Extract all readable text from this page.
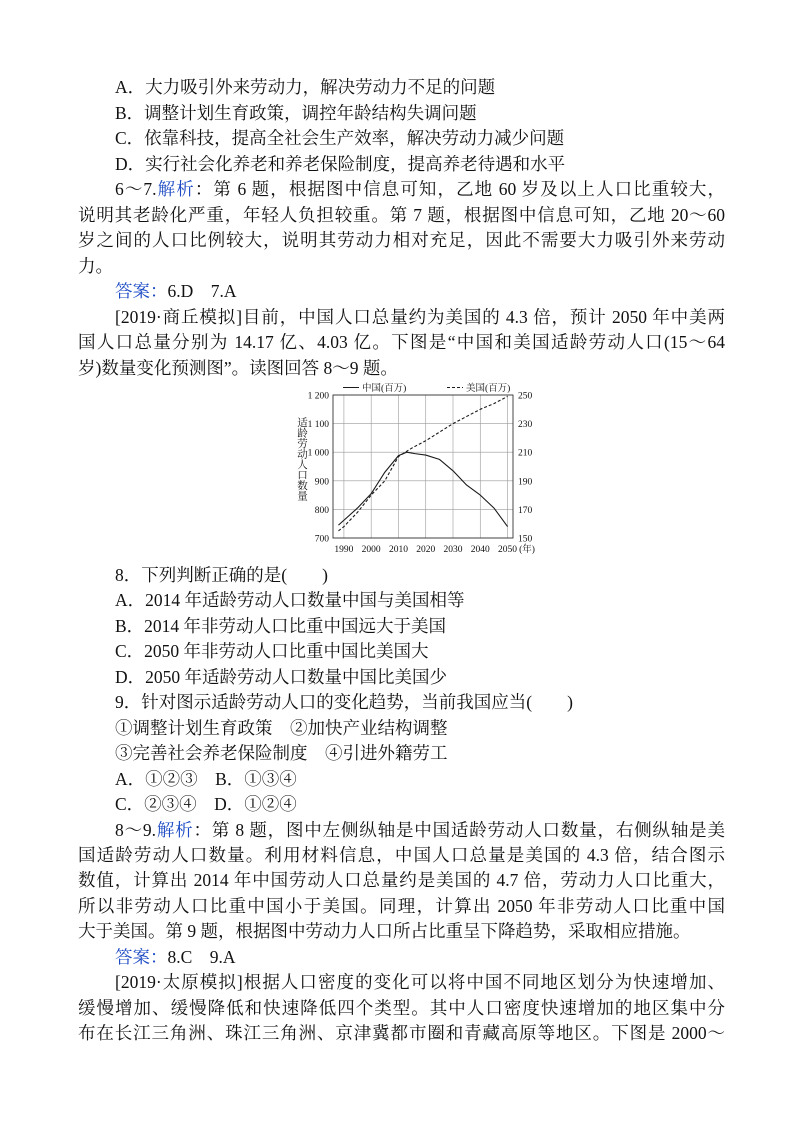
A．大力吸引外来劳动力，解决劳动力不足的问题
B．调整计划生育政策，调控年龄结构失调问题
C．依靠科技，提高全社会生产效率，解决劳动力减少问题
D．实行社会化养老和养老保险制度，提高养老待遇和水平
6～7.解析：第 6 题，根据图中信息可知，乙地 60 岁及以上人口比重较大，
说明其老龄化严重，年轻人负担较重。第 7 题，根据图中信息可知，乙地 20～60
岁之间的人口比例较大，说明其劳动力相对充足，因此不需要大力吸引外来劳动
力。
答案：6.D　7.A
[2019·商丘模拟]目前，中国人口总量约为美国的 4.3 倍，预计 2050 年中美两
国人口总量分别为 14.17 亿、4.03 亿。下图是“中国和美国适龄劳动人口(15～64
岁)数量变化预测图”。读图回答 8～9 题。
1 200
1 100
1 000
900
800
700
250
230
210
190
170
150
1990 2000 2010 2020 2030 2040 2050 (年)
中国(百万)	美国(百万)
适龄劳动人口数量
8．下列判断正确的是(　　)
A．2014 年适龄劳动人口数量中国与美国相等
B．2014 年非劳动人口比重中国远大于美国
C．2050 年非劳动人口比重中国比美国大
D．2050 年适龄劳动人口数量中国比美国少
9．针对图示适龄劳动人口的变化趋势，当前我国应当(　　)
①调整计划生育政策　②加快产业结构调整
③完善社会养老保险制度　④引进外籍劳工
A．①②③　B．①③④
C．②③④　D．①②④
8～9.解析：第 8 题，图中左侧纵轴是中国适龄劳动人口数量，右侧纵轴是美
国适龄劳动人口数量。利用材料信息，中国人口总量是美国的 4.3 倍，结合图示
数值，计算出 2014 年中国劳动人口总量约是美国的 4.7 倍，劳动力人口比重大，
所以非劳动人口比重中国小于美国。同理，计算出 2050 年非劳动人口比重中国
大于美国。第 9 题，根据图中劳动力人口所占比重呈下降趋势，采取相应措施。
答案：8.C　9.A
[2019·太原模拟]根据人口密度的变化可以将中国不同地区划分为快速增加、
缓慢增加、缓慢降低和快速降低四个类型。其中人口密度快速增加的地区集中分
布在长江三角洲、珠江三角洲、京津冀都市圈和青藏高原等地区。下图是 2000～
